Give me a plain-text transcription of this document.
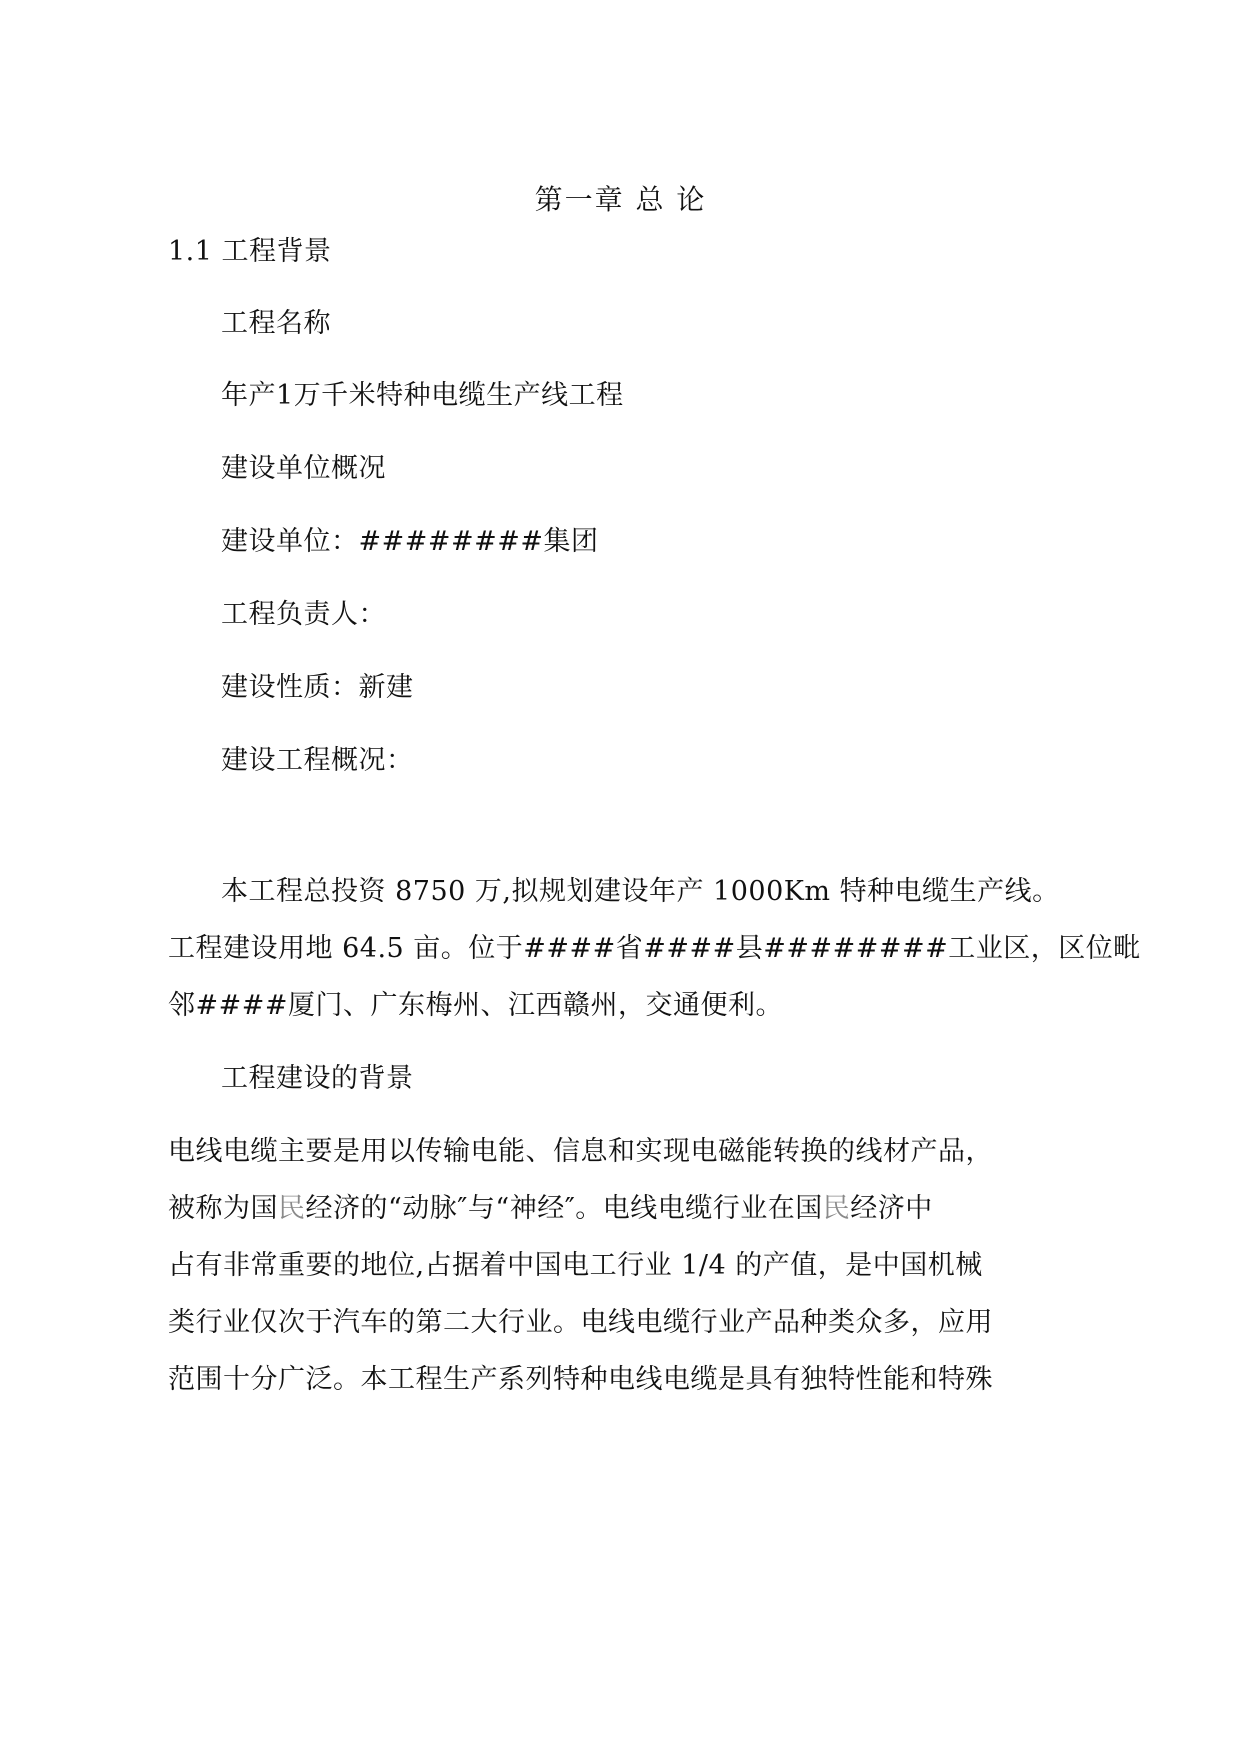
第一章 总 论
1.1 工程背景
工程名称
年产1万千米特种电缆生产线工程
建设单位概况
建设单位：########集团
工程负责人：
建设性质：新建
建设工程概况：
本工程总投资 8750 万,拟规划建设年产 1000Km 特种电缆生产线。
工程建设用地 64.5 亩。位于####省####县########工业区，区位毗
邻####厦门、广东梅州、江西赣州，交通便利。
工程建设的背景
电线电缆主要是用以传输电能、信息和实现电磁能转换的线材产品，
被称为国民经济的“动脉″与“神经″。电线电缆行业在国民经济中
占有非常重要的地位,占据着中国电工行业 1/4 的产值，是中国机械
类行业仅次于汽车的第二大行业。电线电缆行业产品种类众多，应用
范围十分广泛。本工程生产系列特种电线电缆是具有独特性能和特殊
